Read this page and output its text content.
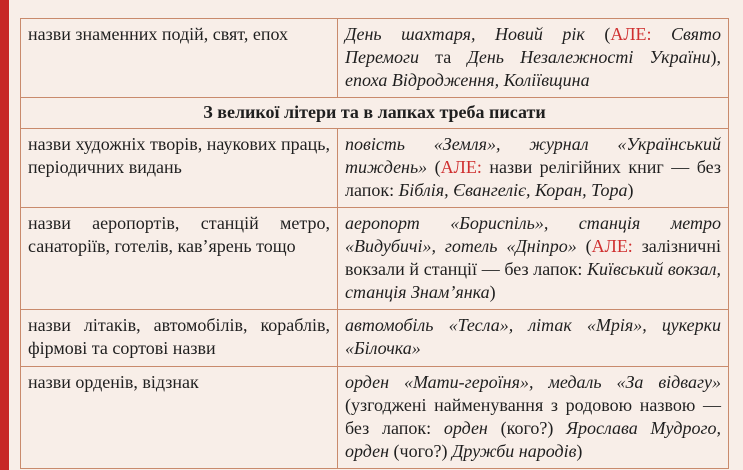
назви знаменних подій, свят, епох	День шахтаря, Новий рік (АЛЕ: Свято Перемоги та День Незалежності України), епоха Відродження, Коліївщина
З великої літери та в лапках треба писати	
назви художніх творів, наукових праць, періодичних видань	повість «Земля», журнал «Український тиждень» (АЛЕ: назви релігійних книг — без лапок: Біблія, Євангеліє, Коран, Тора)
назви аеропортів, станцій метро, санаторіїв, готелів, кав’ярень тощо	аеропорт «Бориспіль», станція метро «Видубичі», готель «Дніпро» (АЛЕ: залізничні вокзали й станції — без лапок: Київський вокзал, станція Знам’янка)
назви літаків, автомобілів, кораблів, фірмові та сортові назви	автомобіль «Тесла», літак «Мрія», цукерки «Білочка»
назви орденів, відзнак	орден «Мати-героїня», медаль «За відвагу» (узгоджені найменування з родовою назвою — без лапок: орден (кого?) Ярослава Мудрого, орден (чого?) Дружби народів)
